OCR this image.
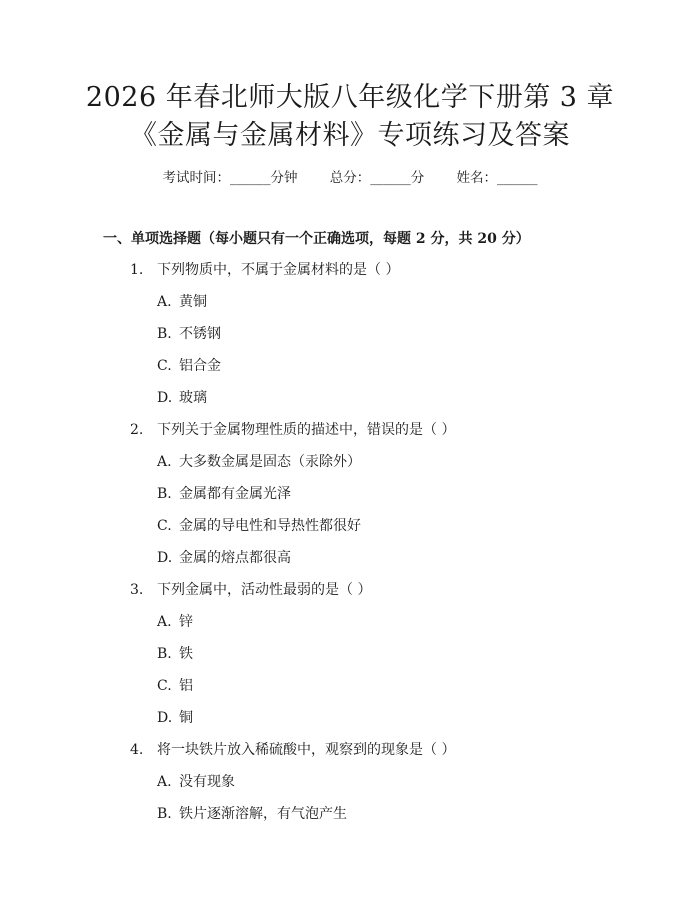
2026 年春北师大版八年级化学下册第 3 章
《金属与金属材料》专项练习及答案
考试时间：______分钟 总分：______分 姓名：______
一、单项选择题（每小题只有一个正确选项，每题 2 分，共 20 分）
1. 下列物质中，不属于金属材料的是（ ）
A. 黄铜
B. 不锈钢
C. 铝合金
D. 玻璃
2. 下列关于金属物理性质的描述中，错误的是（ ）
A. 大多数金属是固态（汞除外）
B. 金属都有金属光泽
C. 金属的导电性和导热性都很好
D. 金属的熔点都很高
3. 下列金属中，活动性最弱的是（ ）
A. 锌
B. 铁
C. 铝
D. 铜
4. 将一块铁片放入稀硫酸中，观察到的现象是（ ）
A. 没有现象
B. 铁片逐渐溶解，有气泡产生
